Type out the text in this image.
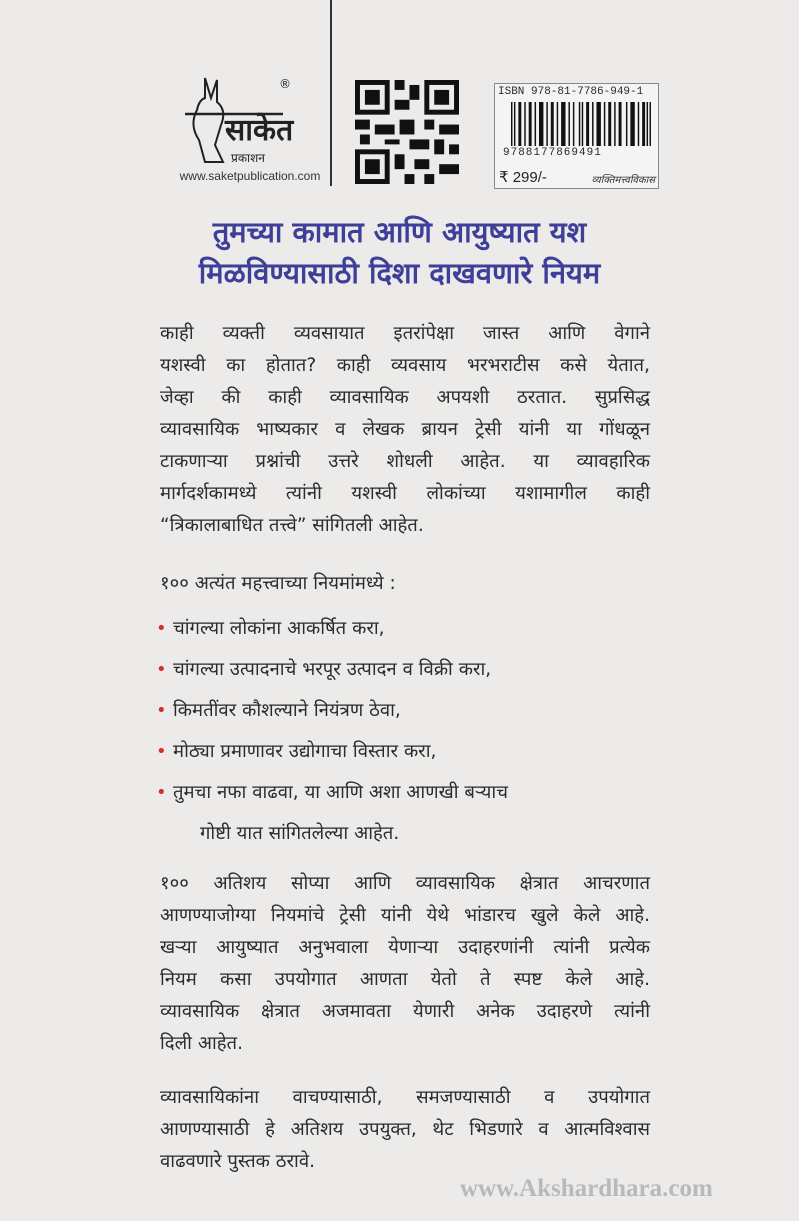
साकेत
प्रकाशन
®
www.saketpublication.com
ISBN 978-81-7786-949-1
9788177869491
₹ 299/-	व्यक्तिमत्त्वविकास
तुमच्या कामात आणि आयुष्यात यश
मिळविण्यासाठी दिशा दाखवणारे नियम
काही व्यक्ती व्यवसायात इतरांपेक्षा जास्त आणि वेगाने
यशस्वी का होतात? काही व्यवसाय भरभराटीस कसे येतात,
जेव्हा की काही व्यावसायिक अपयशी ठरतात. सुप्रसिद्ध
व्यावसायिक भाष्यकार व लेखक ब्रायन ट्रेसी यांनी या गोंधळून
टाकणाऱ्या प्रश्नांची उत्तरे शोधली आहेत. या व्यावहारिक
मार्गदर्शकामध्ये त्यांनी यशस्वी लोकांच्या यशामागील काही
“त्रिकालाबाधित तत्त्वे” सांगितली आहेत.
१०० अत्यंत महत्त्वाच्या नियमांमध्ये :
• चांगल्या लोकांना आकर्षित करा,
• चांगल्या उत्पादनाचे भरपूर उत्पादन व विक्री करा,
• किमतींवर कौशल्याने नियंत्रण ठेवा,
• मोठ्या प्रमाणावर उद्योगाचा विस्तार करा,
• तुमचा नफा वाढवा, या आणि अशा आणखी बऱ्याच
गोष्टी यात सांगितलेल्या आहेत.
१०० अतिशय सोप्या आणि व्यावसायिक क्षेत्रात आचरणात
आणण्याजोग्या नियमांचे ट्रेसी यांनी येथे भांडारच खुले केले आहे.
खऱ्या आयुष्यात अनुभवाला येणाऱ्या उदाहरणांनी त्यांनी प्रत्येक
नियम कसा उपयोगात आणता येतो ते स्पष्ट केले आहे.
व्यावसायिक क्षेत्रात अजमावता येणारी अनेक उदाहरणे त्यांनी
दिली आहेत.
व्यावसायिकांना वाचण्यासाठी, समजण्यासाठी व उपयोगात
आणण्यासाठी हे अतिशय उपयुक्त, थेट भिडणारे व आत्मविश्वास
वाढवणारे पुस्तक ठरावे.
www.Akshardhara.com
